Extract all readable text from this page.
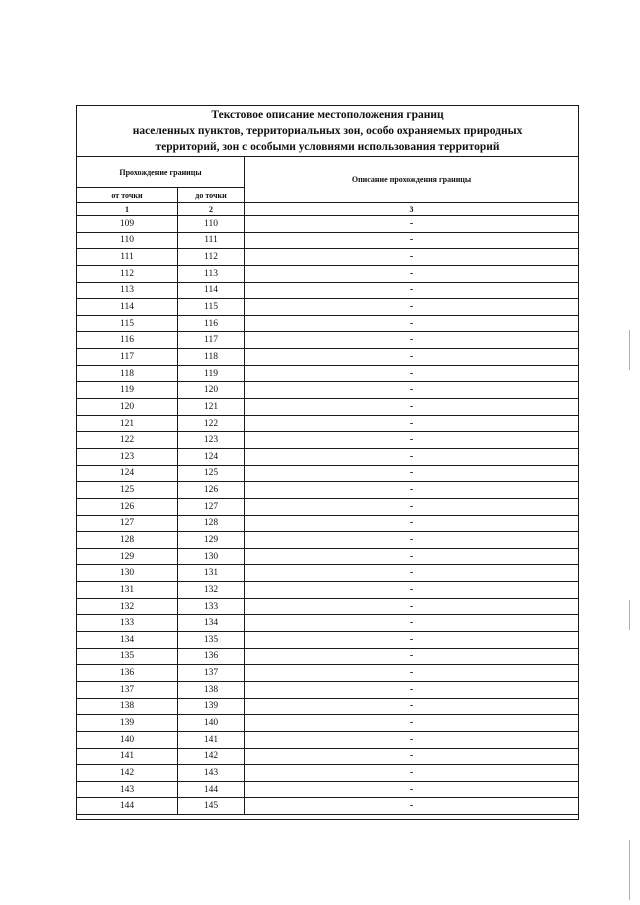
Текстовое описание местоположения границ
населенных пунктов, территориальных зон, особо охраняемых природных
территорий, зон с особыми условиями использования территорий		

Прохождение границы		Описание прохождения границы
от точки	до точки	
1	2	3
109	110	-
110	111	-
111	112	-
112	113	-
113	114	-
114	115	-
115	116	-
116	117	-
117	118	-
118	119	-
119	120	-
120	121	-
121	122	-
122	123	-
123	124	-
124	125	-
125	126	-
126	127	-
127	128	-
128	129	-
129	130	-
130	131	-
131	132	-
132	133	-
133	134	-
134	135	-
135	136	-
136	137	-
137	138	-
138	139	-
139	140	-
140	141	-
141	142	-
142	143	-
143	144	-
144	145	-
